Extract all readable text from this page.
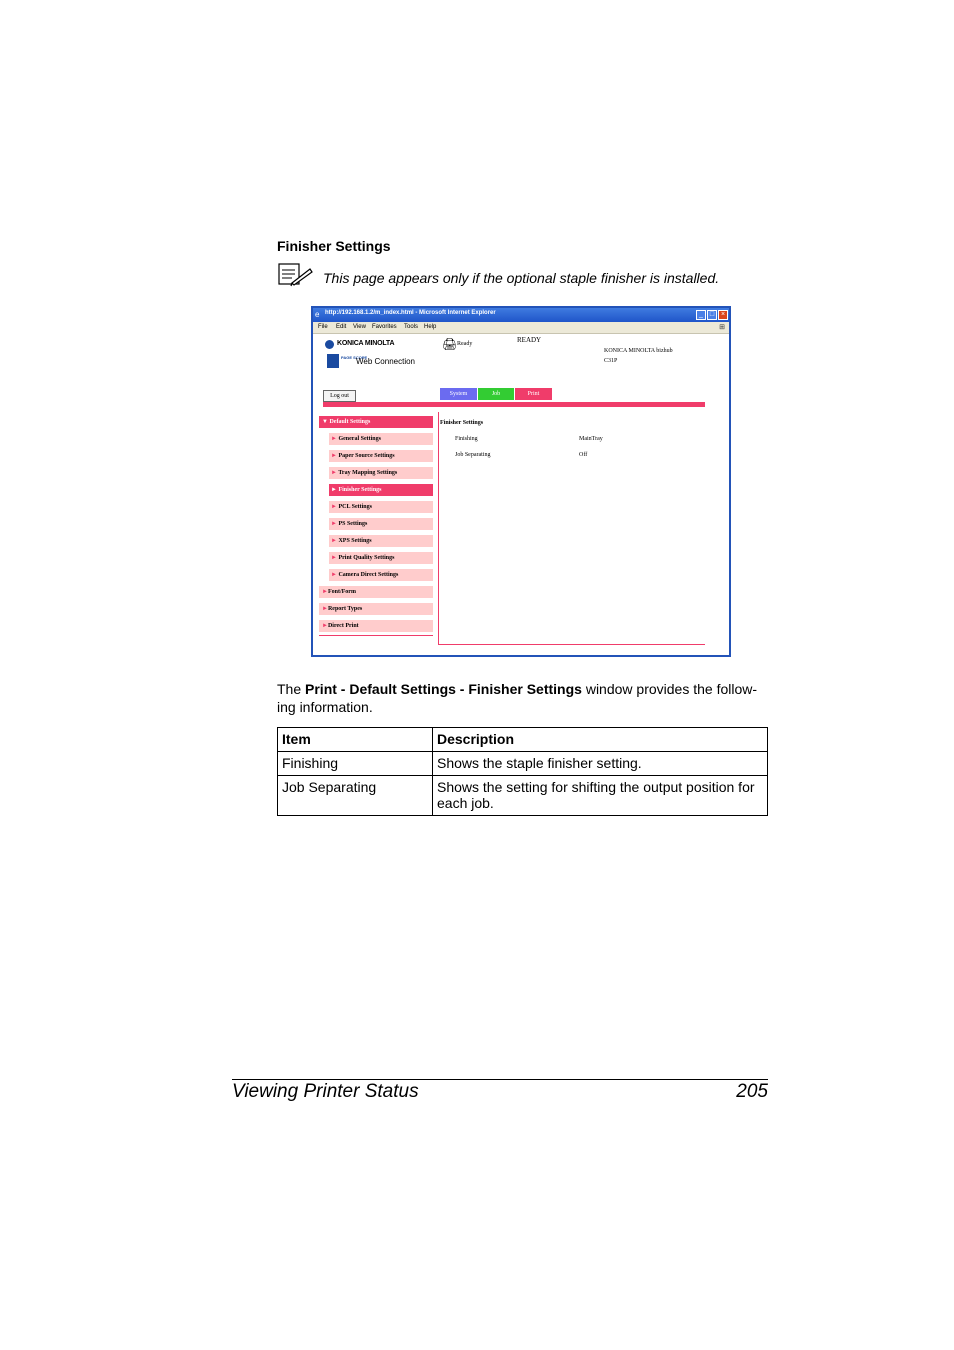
Finisher Settings
This page appears only if the optional staple finisher is installed.
e http://192.168.1.2/m_index.html - Microsoft Internet Explorer	_ □ ×
File Edit View Favorites Tools Help	⊞
KONICA MINOLTA
PAGE SCOPE
Web Connection
🖨 Ready	READY
KONICA MINOLTA bizhub
C31P
Log out	System	Job	Print
▼ Default Settings
► General Settings
► Paper Source Settings
► Tray Mapping Settings
► Finisher Settings
► PCL Settings
► PS Settings
► XPS Settings
► Print Quality Settings
► Camera Direct Settings
►Font/Form
►Report Types
►Direct Print
Finisher Settings
Finishing	MainTray
Job Separating	Off
The Print - Default Settings - Finisher Settings window provides the follow-ing information.
Item	Description
Finishing	Shows the staple finisher setting.
Job Separating	Shows the setting for shifting the output position for each job.
Viewing Printer Status	205
